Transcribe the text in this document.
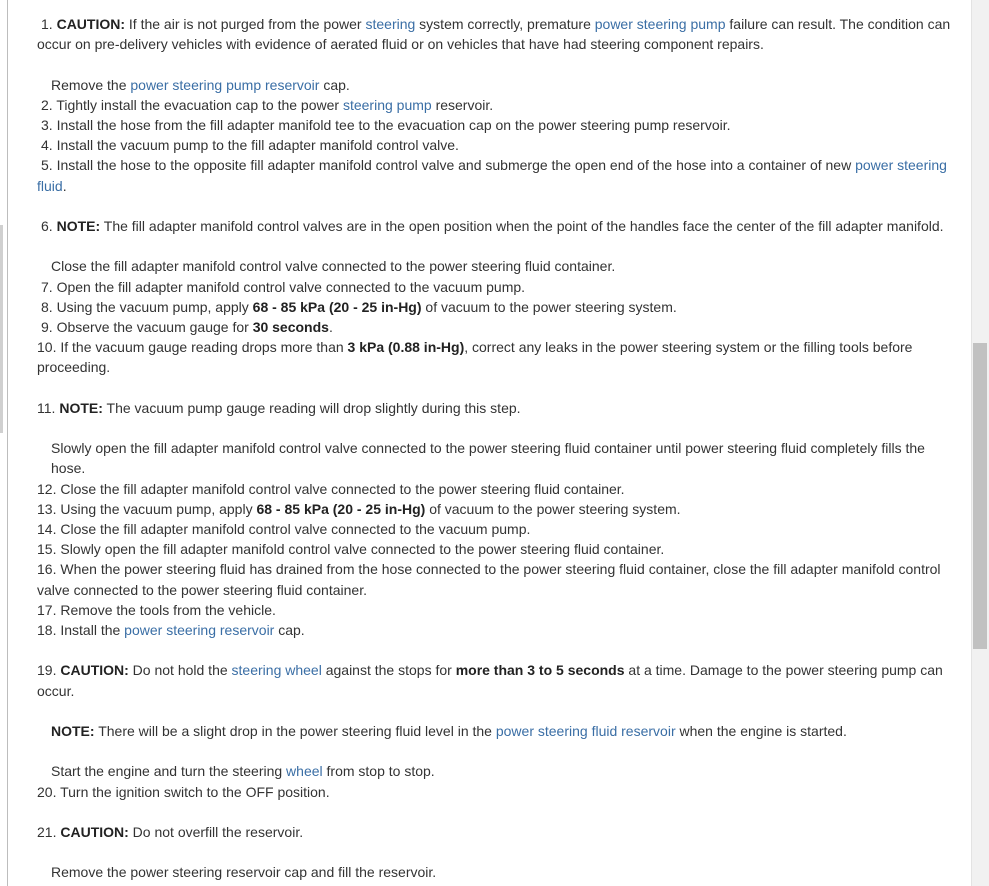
1. CAUTION: If the air is not purged from the power steering system correctly, premature power steering pump failure can result. The condition can occur on pre-delivery vehicles with evidence of aerated fluid or on vehicles that have had steering component repairs.

Remove the power steering pump reservoir cap.

2. Tightly install the evacuation cap to the power steering pump reservoir.

3. Install the hose from the fill adapter manifold tee to the evacuation cap on the power steering pump reservoir.

4. Install the vacuum pump to the fill adapter manifold control valve.

5. Install the hose to the opposite fill adapter manifold control valve and submerge the open end of the hose into a container of new power steering fluid.

6. NOTE: The fill adapter manifold control valves are in the open position when the point of the handles face the center of the fill adapter manifold.

Close the fill adapter manifold control valve connected to the power steering fluid container.

7. Open the fill adapter manifold control valve connected to the vacuum pump.

8. Using the vacuum pump, apply 68 - 85 kPa (20 - 25 in-Hg) of vacuum to the power steering system.

9. Observe the vacuum gauge for 30 seconds.

10. If the vacuum gauge reading drops more than 3 kPa (0.88 in-Hg), correct any leaks in the power steering system or the filling tools before proceeding.

11. NOTE: The vacuum pump gauge reading will drop slightly during this step.

Slowly open the fill adapter manifold control valve connected to the power steering fluid container until power steering fluid completely fills the hose.

12. Close the fill adapter manifold control valve connected to the power steering fluid container.

13. Using the vacuum pump, apply 68 - 85 kPa (20 - 25 in-Hg) of vacuum to the power steering system.

14. Close the fill adapter manifold control valve connected to the vacuum pump.

15. Slowly open the fill adapter manifold control valve connected to the power steering fluid container.

16. When the power steering fluid has drained from the hose connected to the power steering fluid container, close the fill adapter manifold control valve connected to the power steering fluid container.

17. Remove the tools from the vehicle.

18. Install the power steering reservoir cap.

19. CAUTION: Do not hold the steering wheel against the stops for more than 3 to 5 seconds at a time. Damage to the power steering pump can occur.

NOTE: There will be a slight drop in the power steering fluid level in the power steering fluid reservoir when the engine is started.

Start the engine and turn the steering wheel from stop to stop.

20. Turn the ignition switch to the OFF position.

21. CAUTION: Do not overfill the reservoir.

Remove the power steering reservoir cap and fill the reservoir.
